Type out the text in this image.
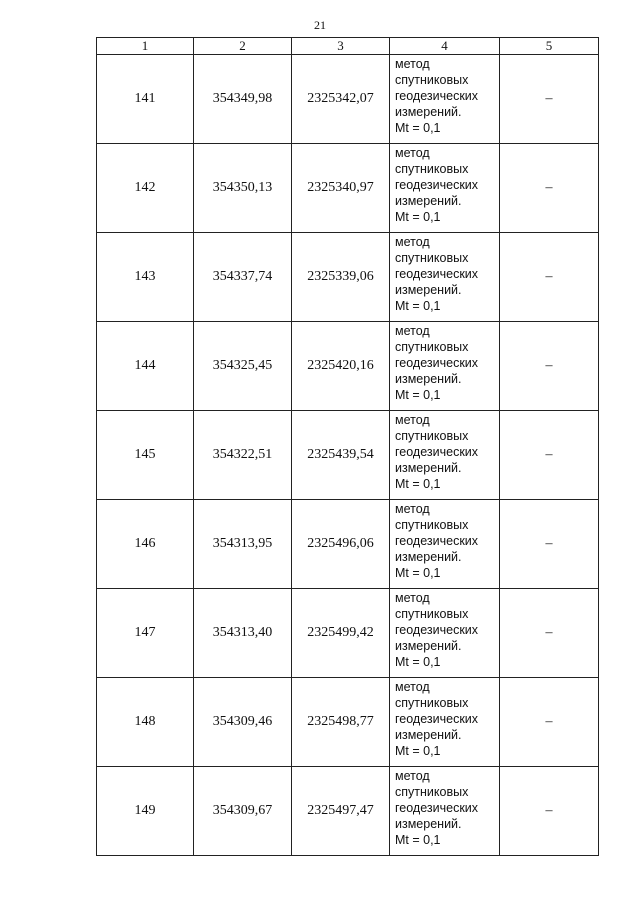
21
1	2	3	4	5
141	354349,98	2325342,07	метод
спутниковых
геодезических
измерений.
Mt = 0,1	–
142	354350,13	2325340,97	метод
спутниковых
геодезических
измерений.
Mt = 0,1	–
143	354337,74	2325339,06	метод
спутниковых
геодезических
измерений.
Mt = 0,1	–
144	354325,45	2325420,16	метод
спутниковых
геодезических
измерений.
Mt = 0,1	–
145	354322,51	2325439,54	метод
спутниковых
геодезических
измерений.
Mt = 0,1	–
146	354313,95	2325496,06	метод
спутниковых
геодезических
измерений.
Mt = 0,1	–
147	354313,40	2325499,42	метод
спутниковых
геодезических
измерений.
Mt = 0,1	–
148	354309,46	2325498,77	метод
спутниковых
геодезических
измерений.
Mt = 0,1	–
149	354309,67	2325497,47	метод
спутниковых
геодезических
измерений.
Mt = 0,1	–
